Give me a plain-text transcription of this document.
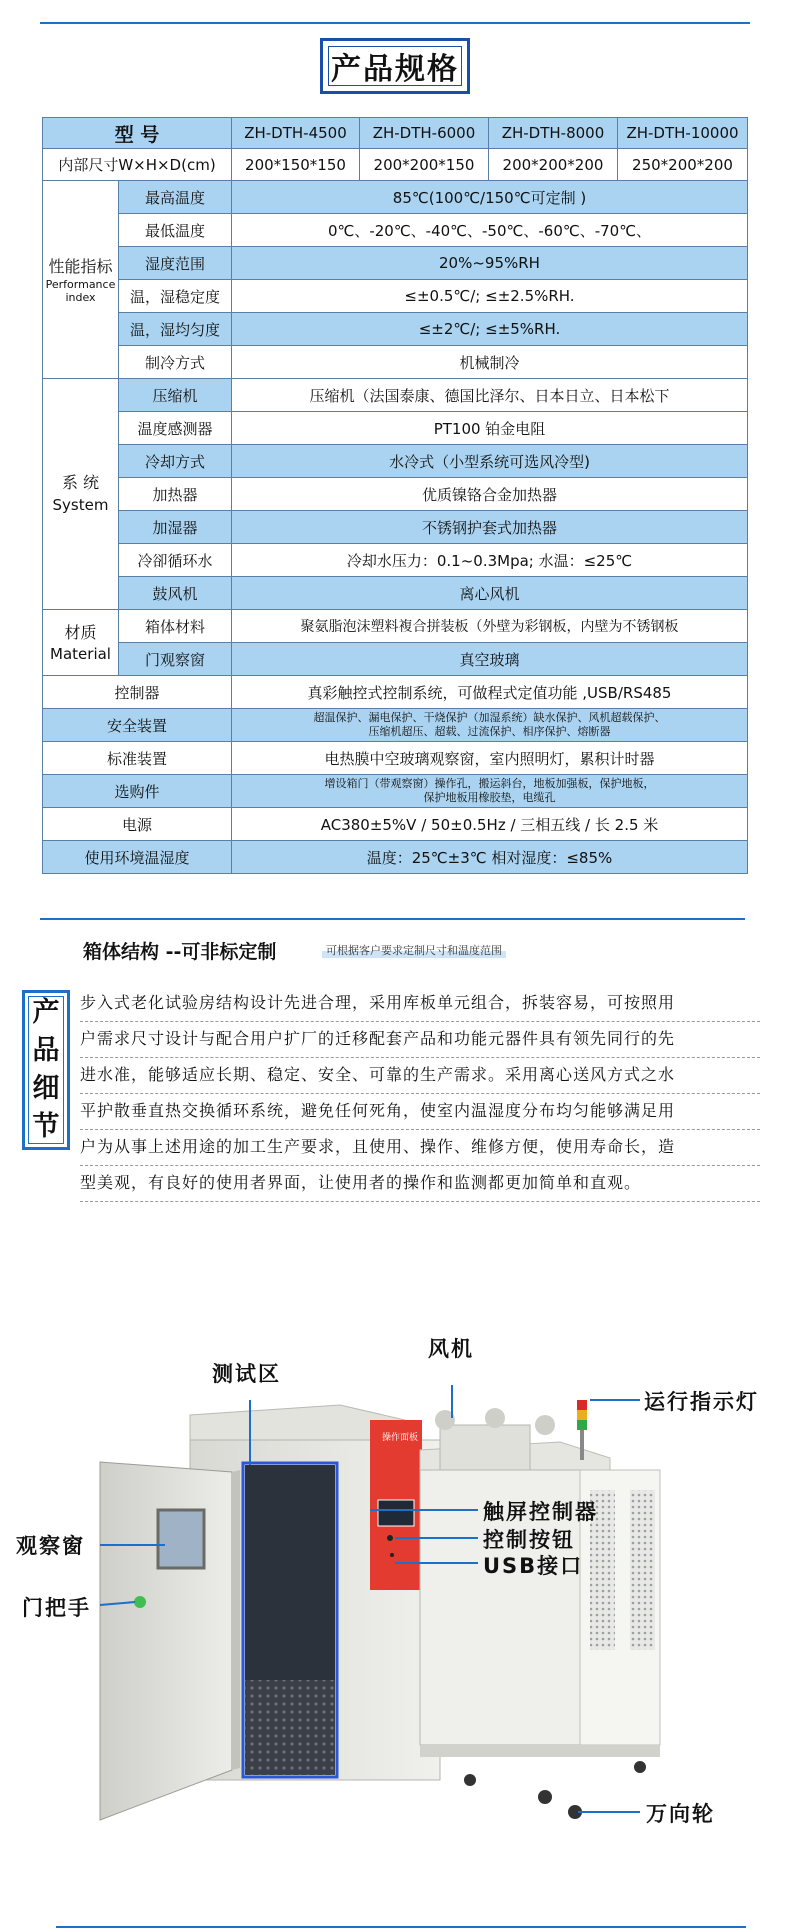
产品规格
型 号		ZH-DTH-4500	ZH-DTH-6000	ZH-DTH-8000	ZH-DTH-10000
内部尺寸W×H×D(cm)		200*150*150	200*200*150	200*200*200	250*200*200

性能指标
Performance index	最高温度	85℃(100℃/150℃可定制 )			
	最低温度	0℃、-20℃、-40℃、-50℃、-60℃、-70℃、			
	湿度范围	20%~95%RH			
	温，湿稳定度	≤±0.5℃/; ≤±2.5%RH.			
	温，湿均匀度	≤±2℃/; ≤±5%RH.			
	制冷方式	机械制冷			

系 统
System	压缩机	压缩机（法国泰康、德国比泽尔、日本日立、日本松下			
	温度感测器	PT100 铂金电阻			
	冷却方式	水冷式（小型系统可选风冷型)			
	加热器	优质镍铬合金加热器			
	加湿器	不锈钢护套式加热器			
	冷卻循环水	冷却水压力：0.1~0.3Mpa; 水温：≤25℃			
	鼓风机	离心风机			

材质
Material	箱体材料	聚氨脂泡沫塑料複合拼装板（外壁为彩钢板，内壁为不锈钢板			
	门观察窗	真空玻璃			
控制器		真彩触控式控制系统，可做程式定值功能 ,USB/RS485			
安全装置		超温保护、漏电保护、干烧保护（加湿系统）缺水保护、风机超载保护、
压缩机超压、超载、过流保护、相序保护、熔断器			

标准装置		电热膜中空玻璃观察窗，室内照明灯，累积计时器			
选购件		增设箱门（带观察窗）操作孔，搬运斜台，地板加强板，保护地板，
保护地板用橡胶垫，电缆孔			

电源		AC380±5%V / 50±0.5Hz / 三相五线 / 长 2.5 米			
使用环境温湿度		温度：25℃±3℃ 相对湿度：≤85%			
箱体结构 --可非标定制	可根据客户要求定制尺寸和温度范围
产
品
细
节
步入式老化试验房结构设计先进合理，采用库板单元组合，拆装容易，可按照用
户需求尺寸设计与配合用户扩厂的迁移配套产品和功能元器件具有领先同行的先
进水准，能够适应长期、稳定、安全、可靠的生产需求。采用离心送风方式之水
平护散垂直热交换循环系统，避免任何死角，使室内温湿度分布均匀能够满足用
户为从事上述用途的加工生产要求，且使用、操作、维修方便，使用寿命长，造
型美观，有良好的使用者界面，让使用者的操作和监测都更加简单和直观。
操作面板
测试区
风机
运行指示灯
观察窗
触屏控制器
控制按钮
USB接口
门把手
万向轮
